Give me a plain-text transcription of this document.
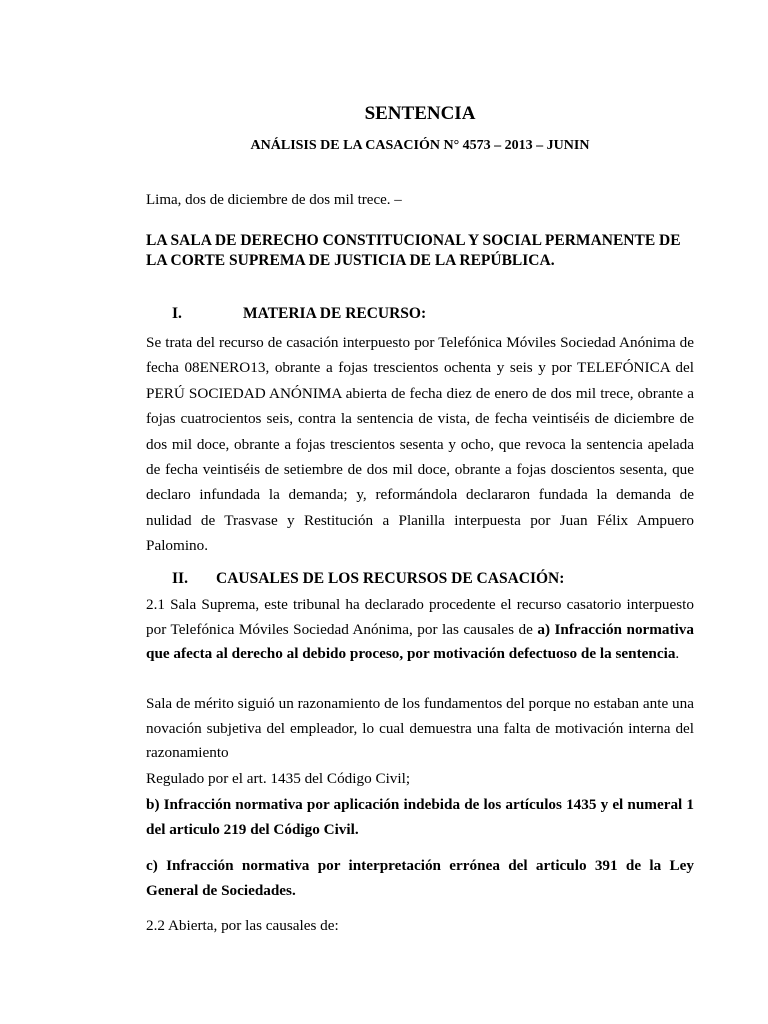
SENTENCIA
ANÁLISIS DE LA CASACIÓN N° 4573 – 2013 – JUNIN
Lima, dos de diciembre de dos mil trece. –
LA SALA DE DERECHO CONSTITUCIONAL Y SOCIAL PERMANENTE DE LA CORTE SUPREMA DE JUSTICIA DE LA REPÚBLICA.
I.	MATERIA DE RECURSO:
Se trata del recurso de casación interpuesto por Telefónica Móviles Sociedad Anónima de fecha 08ENERO13, obrante a fojas trescientos ochenta y seis y por TELEFÓNICA del PERÚ SOCIEDAD ANÓNIMA abierta de fecha diez de enero de dos mil trece, obrante a fojas cuatrocientos seis, contra la sentencia de vista, de fecha veintiséis de diciembre de dos mil doce, obrante a fojas trescientos sesenta y ocho, que revoca la sentencia apelada de fecha veintiséis de setiembre de dos mil doce, obrante a fojas doscientos sesenta, que declaro infundada la demanda; y, reformándola declararon fundada la demanda de nulidad de Trasvase y Restitución a Planilla interpuesta por Juan Félix Ampuero Palomino.
II. CAUSALES DE LOS RECURSOS DE CASACIÓN:
2.1 Sala Suprema, este tribunal ha declarado procedente el recurso casatorio interpuesto por Telefónica Móviles Sociedad Anónima, por las causales de a) Infracción normativa que afecta al derecho al debido proceso, por motivación defectuoso de la sentencia.
Sala de mérito siguió un razonamiento de los fundamentos del porque no estaban ante una novación subjetiva del empleador, lo cual demuestra una falta de motivación interna del razonamiento
Regulado por el art. 1435 del Código Civil;
b) Infracción normativa por aplicación indebida de los artículos 1435 y el numeral 1 del articulo 219 del Código Civil.
c) Infracción normativa por interpretación errónea del articulo 391 de la Ley General de Sociedades.
2.2 Abierta, por las causales de:
